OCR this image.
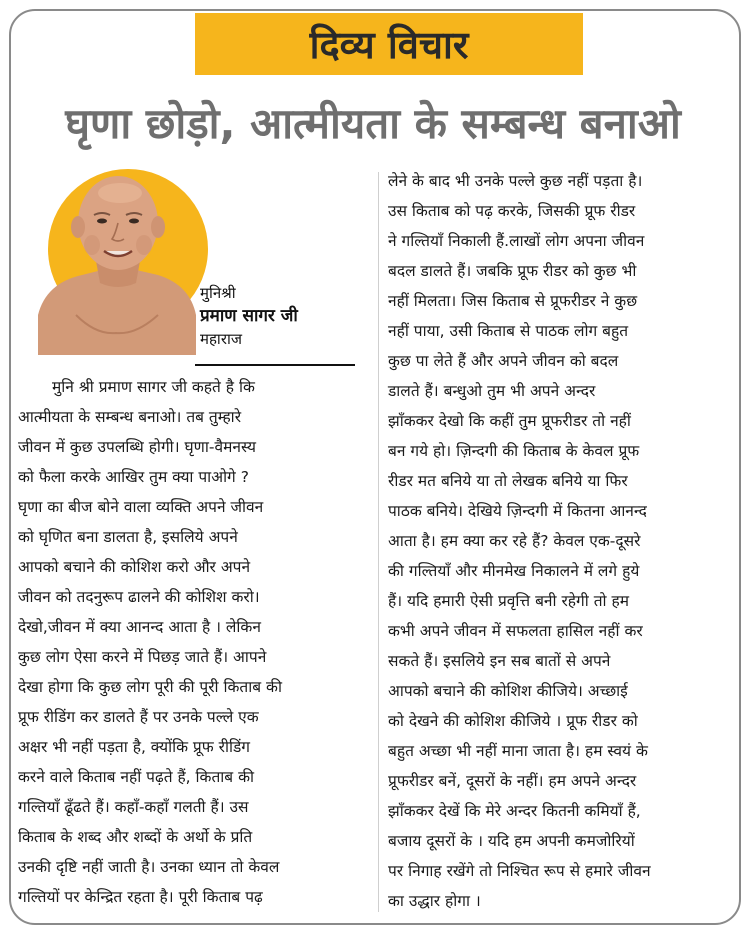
दिव्य विचार
घृणा छोड़ो, आत्मीयता के सम्बन्ध बनाओ
मुनिश्री
प्रमाण सागर जी
महाराज
मुनि श्री प्रमाण सागर जी कहते है कि
आत्मीयता के सम्बन्ध बनाओ। तब तुम्हारे
जीवन में कुछ उपलब्धि होगी। घृणा-वैमनस्य
को फैला करके आखिर तुम क्या पाओगे ?
घृणा का बीज बोने वाला व्यक्ति अपने जीवन
को घृणित बना डालता है, इसलिये अपने
आपको बचाने की कोशिश करो और अपने
जीवन को तदनुरूप ढालने की कोशिश करो।
देखो,जीवन में क्या आनन्द आता है । लेकिन
कुछ लोग ऐसा करने में पिछड़ जाते हैं। आपने
देखा होगा कि कुछ लोग पूरी की पूरी किताब की
प्रूफ रीडिंग कर डालते हैं पर उनके पल्ले एक
अक्षर भी नहीं पड़ता है, क्योंकि प्रूफ रीडिंग
करने वाले किताब नहीं पढ़ते हैं, किताब की
गल्तियाँ ढूँढते हैं। कहाँ-कहाँ गलती हैं। उस
किताब के शब्द और शब्दों के अर्थो के प्रति
उनकी दृष्टि नहीं जाती है। उनका ध्यान तो केवल
गल्तियों पर केन्द्रित रहता है। पूरी किताब पढ़
लेने के बाद भी उनके पल्ले कुछ नहीं पड़ता है।
उस किताब को पढ़ करके, जिसकी प्रूफ रीडर
ने गल्तियाँ निकाली हैं.लाखों लोग अपना जीवन
बदल डालते हैं। जबकि प्रूफ रीडर को कुछ भी
नहीं मिलता। जिस किताब से प्रूफरीडर ने कुछ
नहीं पाया, उसी किताब से पाठक लोग बहुत
कुछ पा लेते हैं और अपने जीवन को बदल
डालते हैं। बन्धुओ तुम भी अपने अन्दर
झाँककर देखो कि कहीं तुम प्रूफरीडर तो नहीं
बन गये हो। ज़िन्दगी की किताब के केवल प्रूफ
रीडर मत बनिये या तो लेखक बनिये या फिर
पाठक बनिये। देखिये ज़िन्दगी में कितना आनन्द
आता है। हम क्या कर रहे हैं? केवल एक-दूसरे
की गल्तियाँ और मीनमेख निकालने में लगे हुये
हैं। यदि हमारी ऐसी प्रवृत्ति बनी रहेगी तो हम
कभी अपने जीवन में सफलता हासिल नहीं कर
सकते हैं। इसलिये इन सब बातों से अपने
आपको बचाने की कोशिश कीजिये। अच्छाई
को देखने की कोशिश कीजिये । प्रूफ रीडर को
बहुत अच्छा भी नहीं माना जाता है। हम स्वयं के
प्रूफरीडर बनें, दूसरों के नहीं। हम अपने अन्दर
झाँककर देखें कि मेरे अन्दर कितनी कमियाँ हैं,
बजाय दूसरों के । यदि हम अपनी कमजोरियों
पर निगाह रखेंगे तो निश्चित रूप से हमारे जीवन
का उद्धार होगा ।
